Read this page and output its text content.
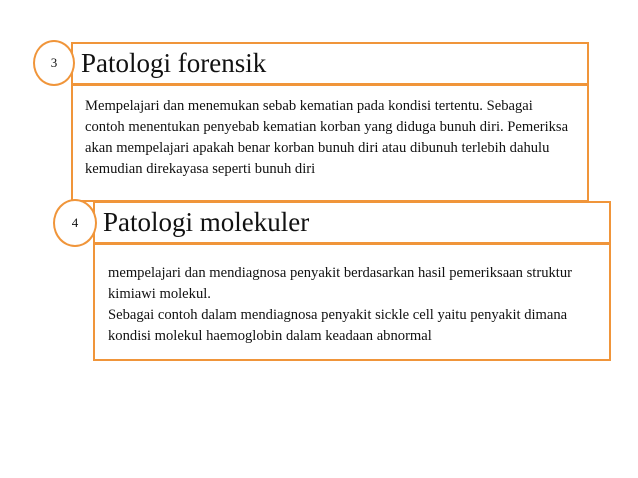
Mempelajari dan menemukan sebab kematian pada kondisi tertentu. Sebagai contoh menentukan penyebab kematian korban yang diduga bunuh diri. Pemeriksa akan mempelajari apakah benar korban bunuh diri atau dibunuh terlebih dahulu kemudian direkayasa seperti bunuh diri

Patologi forensik
3

mempelajari dan mendiagnosa penyakit berdasarkan hasil pemeriksaan struktur kimiawi molekul.

Sebagai contoh dalam mendiagnosa penyakit sickle cell yaitu penyakit dimana kondisi molekul haemoglobin dalam keadaan abnormal

Patologi molekuler
4
